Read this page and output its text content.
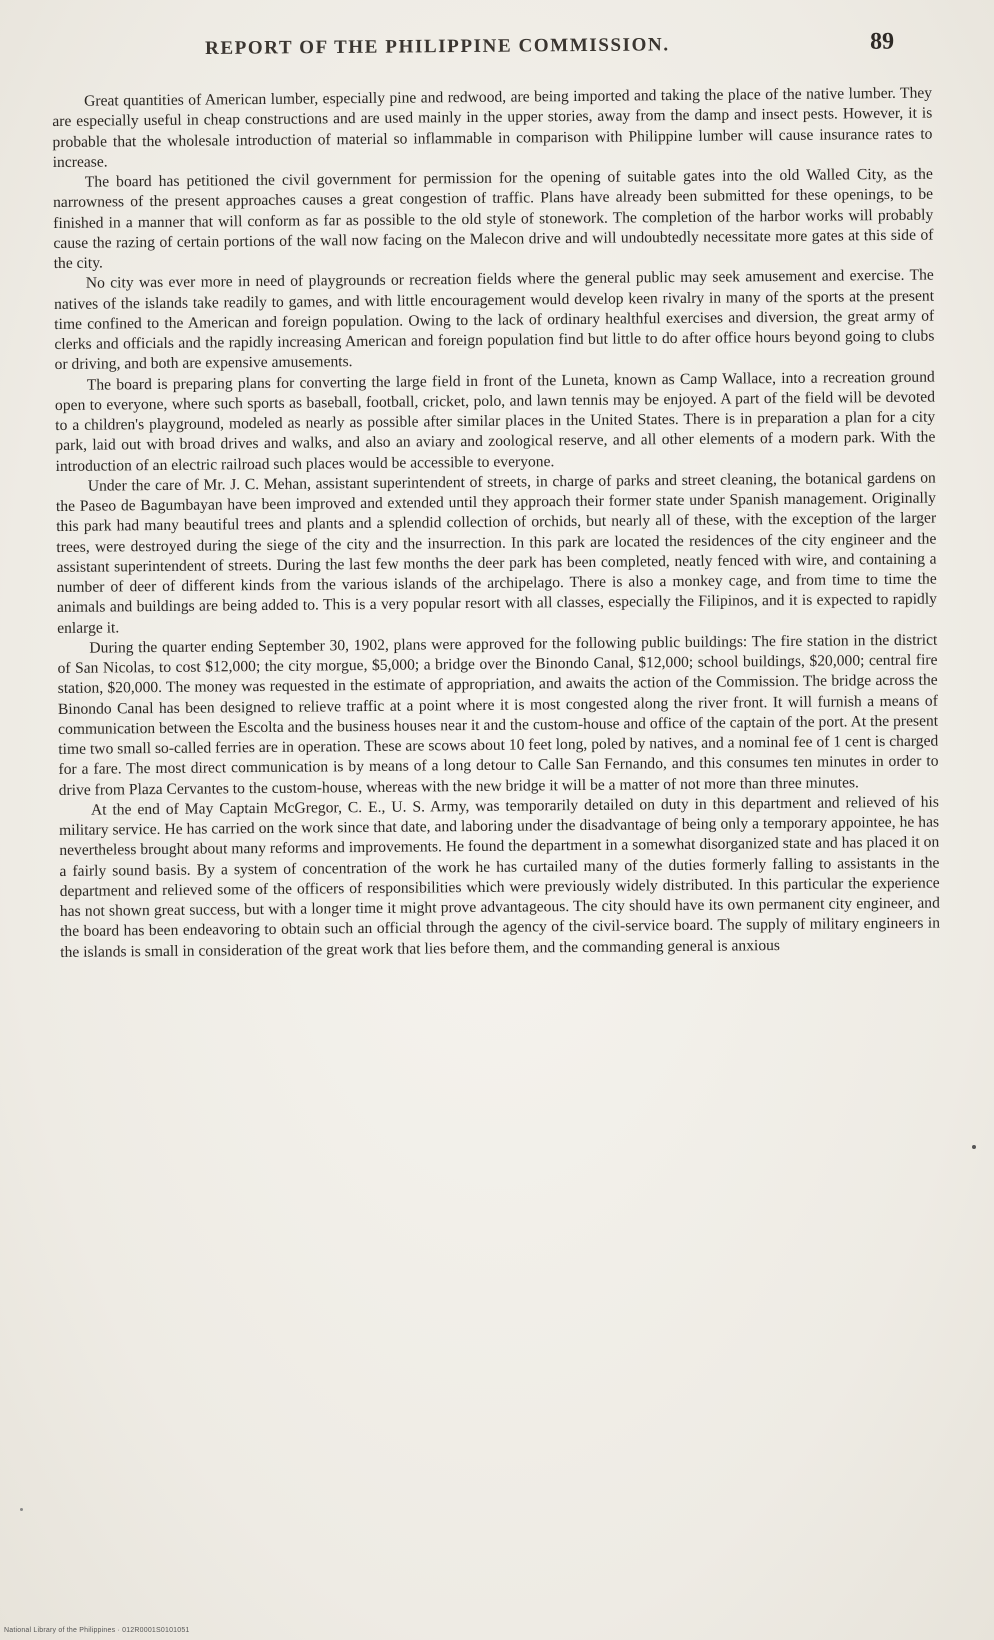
REPORT OF THE PHILIPPINE COMMISSION.	89

Great quantities of American lumber, especially pine and redwood, are being imported and taking the place of the native lumber. They are especially useful in cheap constructions and are used mainly in the upper stories, away from the damp and insect pests. However, it is probable that the wholesale introduction of material so inflammable in comparison with Philippine lumber will cause insurance rates to increase.

The board has petitioned the civil government for permission for the opening of suitable gates into the old Walled City, as the narrowness of the present approaches causes a great congestion of traffic. Plans have already been submitted for these openings, to be finished in a manner that will conform as far as possible to the old style of stonework. The completion of the harbor works will probably cause the razing of certain portions of the wall now facing on the Malecon drive and will undoubtedly necessitate more gates at this side of the city.

No city was ever more in need of playgrounds or recreation fields where the general public may seek amusement and exercise. The natives of the islands take readily to games, and with little encouragement would develop keen rivalry in many of the sports at the present time confined to the American and foreign population. Owing to the lack of ordinary healthful exercises and diversion, the great army of clerks and officials and the rapidly increasing American and foreign population find but little to do after office hours beyond going to clubs or driving, and both are expensive amusements.

The board is preparing plans for converting the large field in front of the Luneta, known as Camp Wallace, into a recreation ground open to everyone, where such sports as baseball, football, cricket, polo, and lawn tennis may be enjoyed. A part of the field will be devoted to a children's playground, modeled as nearly as possible after similar places in the United States. There is in preparation a plan for a city park, laid out with broad drives and walks, and also an aviary and zoological reserve, and all other elements of a modern park. With the introduction of an electric railroad such places would be accessible to everyone.

Under the care of Mr. J. C. Mehan, assistant superintendent of streets, in charge of parks and street cleaning, the botanical gardens on the Paseo de Bagumbayan have been improved and extended until they approach their former state under Spanish management. Originally this park had many beautiful trees and plants and a splendid collection of orchids, but nearly all of these, with the exception of the larger trees, were destroyed during the siege of the city and the insurrection. In this park are located the residences of the city engineer and the assistant superintendent of streets. During the last few months the deer park has been completed, neatly fenced with wire, and containing a number of deer of different kinds from the various islands of the archipelago. There is also a monkey cage, and from time to time the animals and buildings are being added to. This is a very popular resort with all classes, especially the Filipinos, and it is expected to rapidly enlarge it.

During the quarter ending September 30, 1902, plans were approved for the following public buildings: The fire station in the district of San Nicolas, to cost $12,000; the city morgue, $5,000; a bridge over the Binondo Canal, $12,000; school buildings, $20,000; central fire station, $20,000. The money was requested in the estimate of appropriation, and awaits the action of the Commission. The bridge across the Binondo Canal has been designed to relieve traffic at a point where it is most congested along the river front. It will furnish a means of communication between the Escolta and the business houses near it and the custom-house and office of the captain of the port. At the present time two small so-called ferries are in operation. These are scows about 10 feet long, poled by natives, and a nominal fee of 1 cent is charged for a fare. The most direct communication is by means of a long detour to Calle San Fernando, and this consumes ten minutes in order to drive from Plaza Cervantes to the custom-house, whereas with the new bridge it will be a matter of not more than three minutes.

At the end of May Captain McGregor, C. E., U. S. Army, was temporarily detailed on duty in this department and relieved of his military service. He has carried on the work since that date, and laboring under the disadvantage of being only a temporary appointee, he has nevertheless brought about many reforms and improvements. He found the department in a somewhat disorganized state and has placed it on a fairly sound basis. By a system of concentration of the work he has curtailed many of the duties formerly falling to assistants in the department and relieved some of the officers of responsibilities which were previously widely distributed. In this particular the experience has not shown great success, but with a longer time it might prove advantageous. The city should have its own permanent city engineer, and the board has been endeavoring to obtain such an official through the agency of the civil-service board. The supply of military engineers in the islands is small in consideration of the great work that lies before them, and the commanding general is anxious

National Library of the Philippines · 012R0001S0101051
